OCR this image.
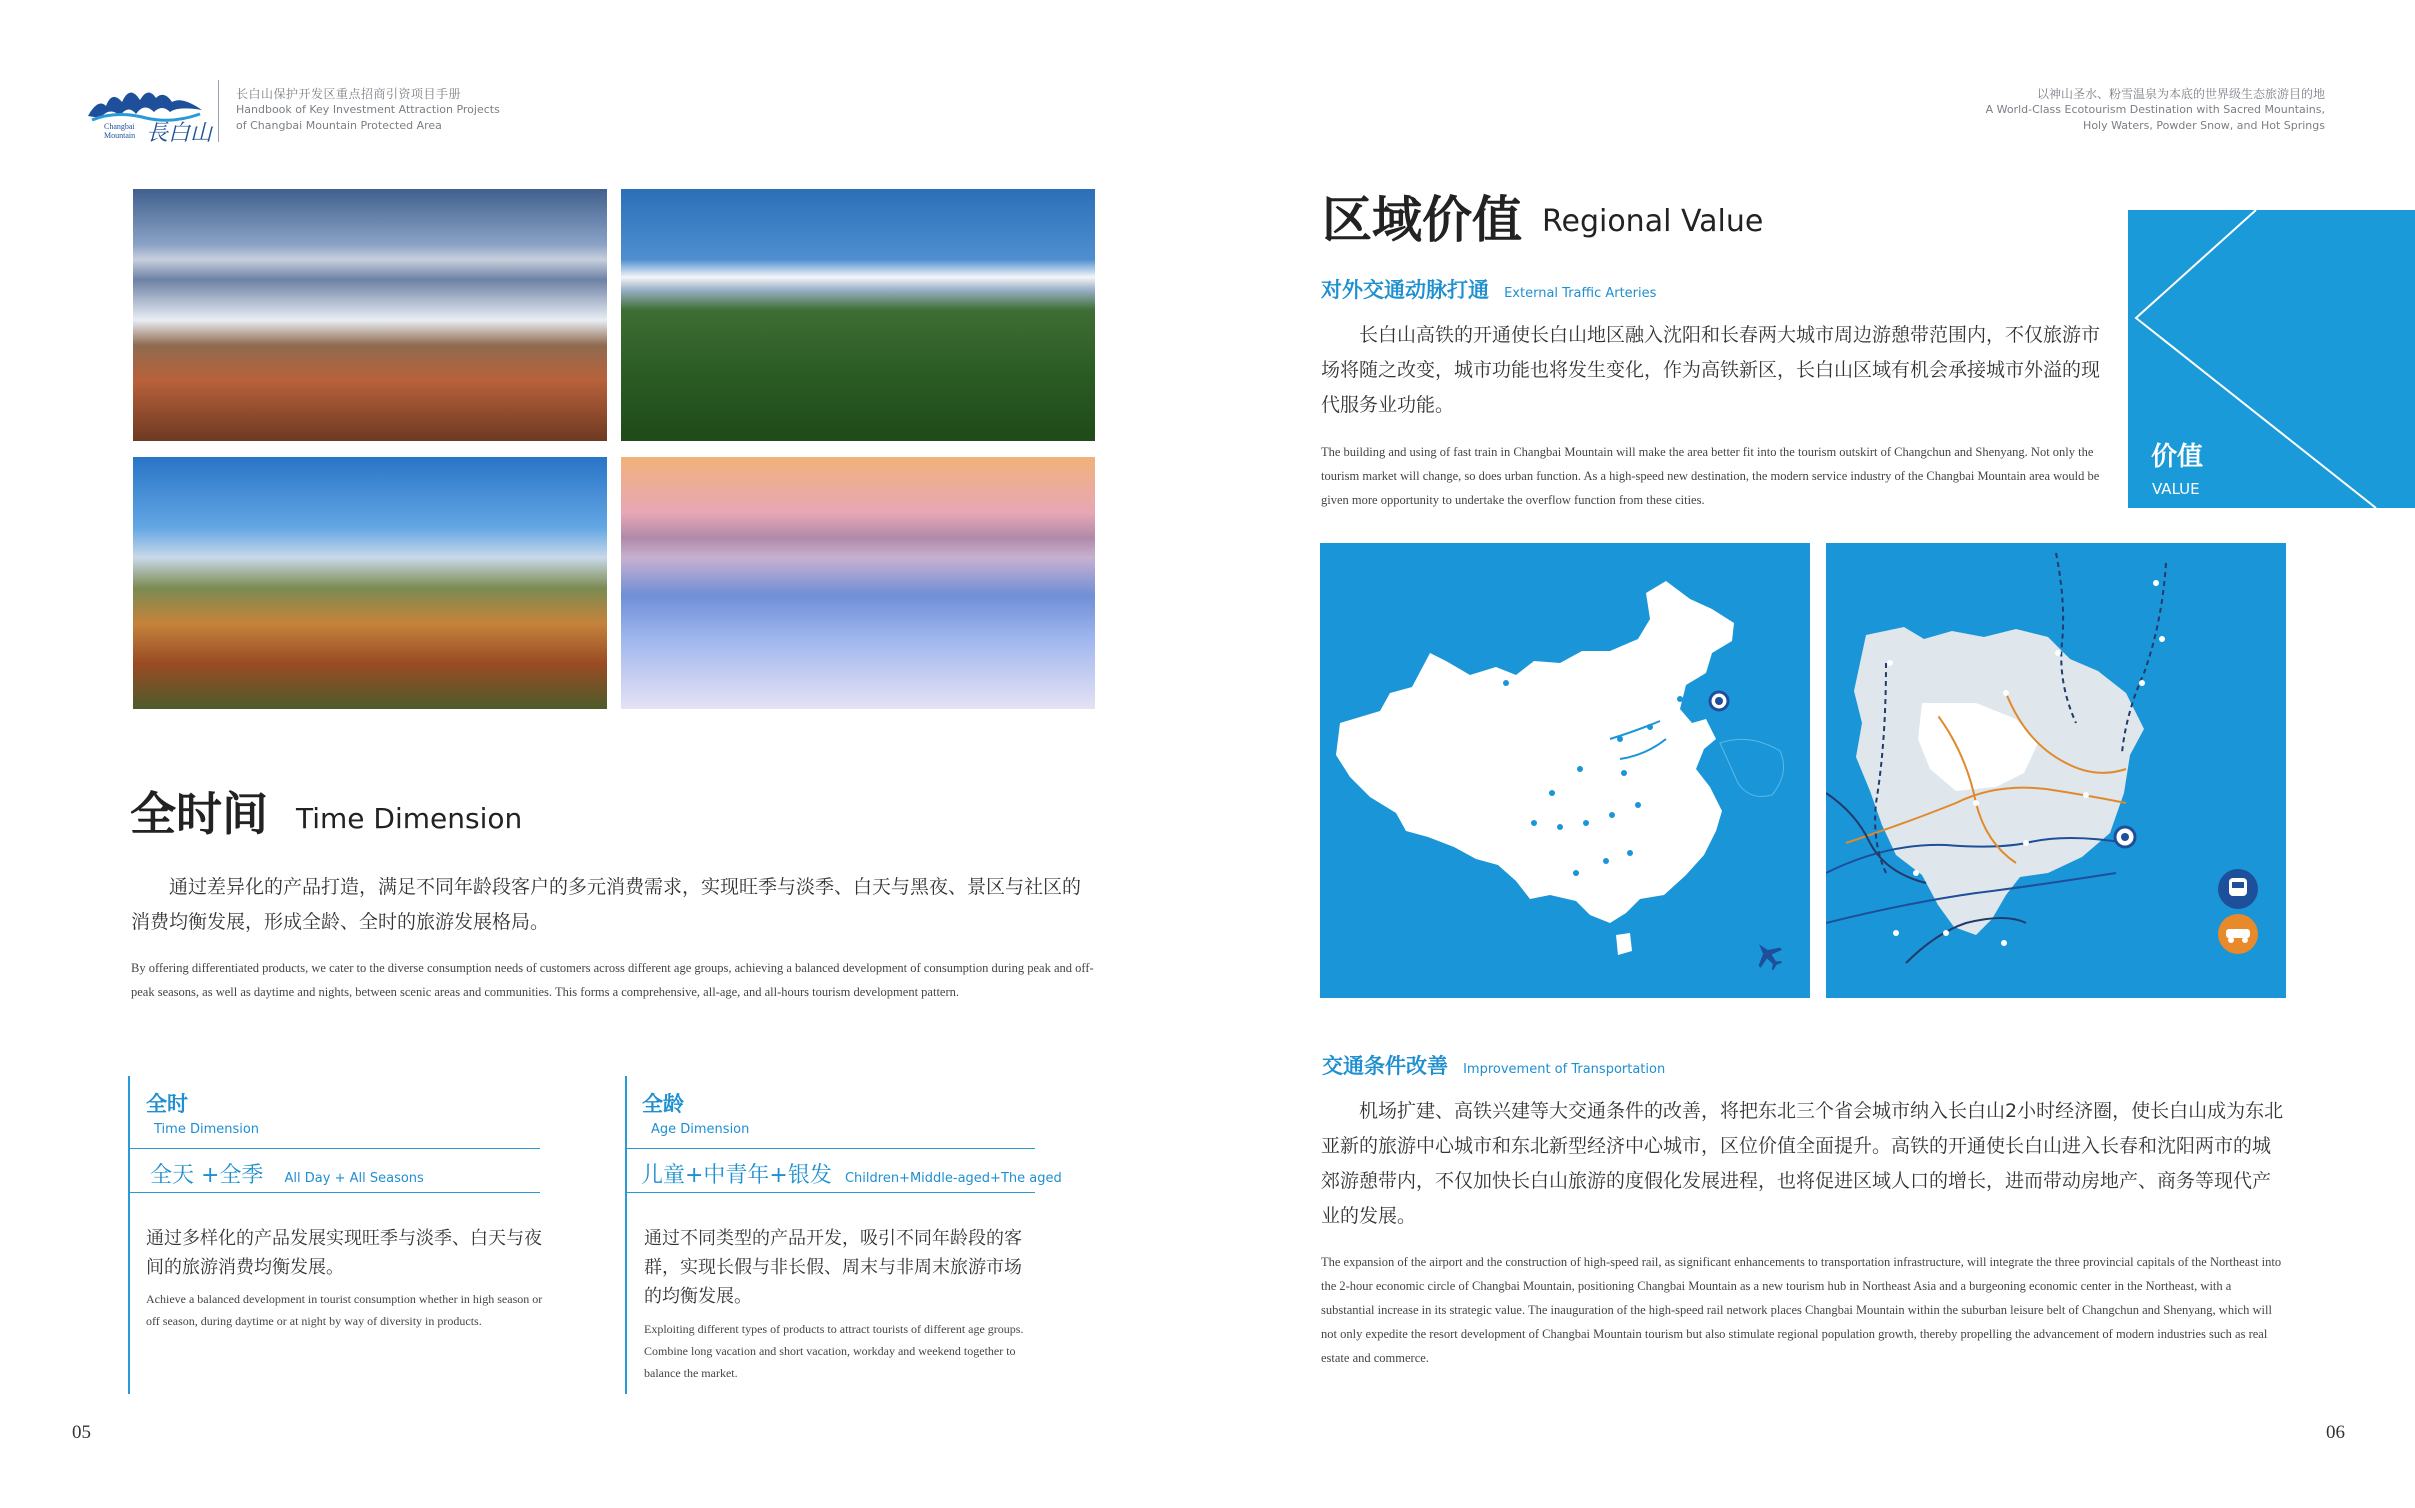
Changbai
Mountain 長白山
长白山保护开发区重点招商引资项目手册
Handbook of Key Investment Attraction Projects
of Changbai Mountain Protected Area
以神山圣水、粉雪温泉为本底的世界级生态旅游目的地
A World-Class Ecotourism Destination with Sacred Mountains,
Holy Waters, Powder Snow, and Hot Springs
全时间 Time Dimension
通过差异化的产品打造，满足不同年龄段客户的多元消费需求，实现旺季与淡季、白天与黑夜、景区与社区的消费均衡发展，形成全龄、全时的旅游发展格局。
By offering differentiated products, we cater to the diverse consumption needs of customers across different age groups, achieving a balanced development of consumption during peak and off-peak seasons, as well as daytime and nights, between scenic areas and communities. This forms a comprehensive, all-age, and all-hours tourism development pattern.
全时
Time Dimension
全天 +全季 All Day + All Seasons
通过多样化的产品发展实现旺季与淡季、白天与夜间的旅游消费均衡发展。
Achieve a balanced development in tourist consumption whether in high season or off season, during daytime or at night by way of diversity in products.
全龄
Age Dimension
儿童+中青年+银发 Children+Middle-aged+The aged
通过不同类型的产品开发，吸引不同年龄段的客群，实现长假与非长假、周末与非周末旅游市场的均衡发展。
Exploiting different types of products to attract tourists of different age groups. Combine long vacation and short vacation, workday and weekend together to balance the market.
05
区域价值 Regional Value
对外交通动脉打通 External Traffic Arteries
长白山高铁的开通使长白山地区融入沈阳和长春两大城市周边游憩带范围内，不仅旅游市场将随之改变，城市功能也将发生变化，作为高铁新区，长白山区域有机会承接城市外溢的现代服务业功能。
The building and using of fast train in Changbai Mountain will make the area better fit into the tourism outskirt of Changchun and Shenyang. Not only the tourism market will change, so does urban function. As a high-speed new destination, the modern service industry of the Changbai Mountain area would be given more opportunity to undertake the overflow function from these cities.
价值
VALUE
交通条件改善 Improvement of Transportation
机场扩建、高铁兴建等大交通条件的改善，将把东北三个省会城市纳入长白山2小时经济圈，使长白山成为东北亚新的旅游中心城市和东北新型经济中心城市，区位价值全面提升。高铁的开通使长白山进入长春和沈阳两市的城郊游憩带内，不仅加快长白山旅游的度假化发展进程，也将促进区域人口的增长，进而带动房地产、商务等现代产业的发展。
The expansion of the airport and the construction of high-speed rail, as significant enhancements to transportation infrastructure, will integrate the three provincial capitals of the Northeast into the 2-hour economic circle of Changbai Mountain, positioning Changbai Mountain as a new tourism hub in Northeast Asia and a burgeoning economic center in the Northeast, with a substantial increase in its strategic value. The inauguration of the high-speed rail network places Changbai Mountain within the suburban leisure belt of Changchun and Shenyang, which will not only expedite the resort development of Changbai Mountain tourism but also stimulate regional population growth, thereby propelling the advancement of modern industries such as real estate and commerce.
06
